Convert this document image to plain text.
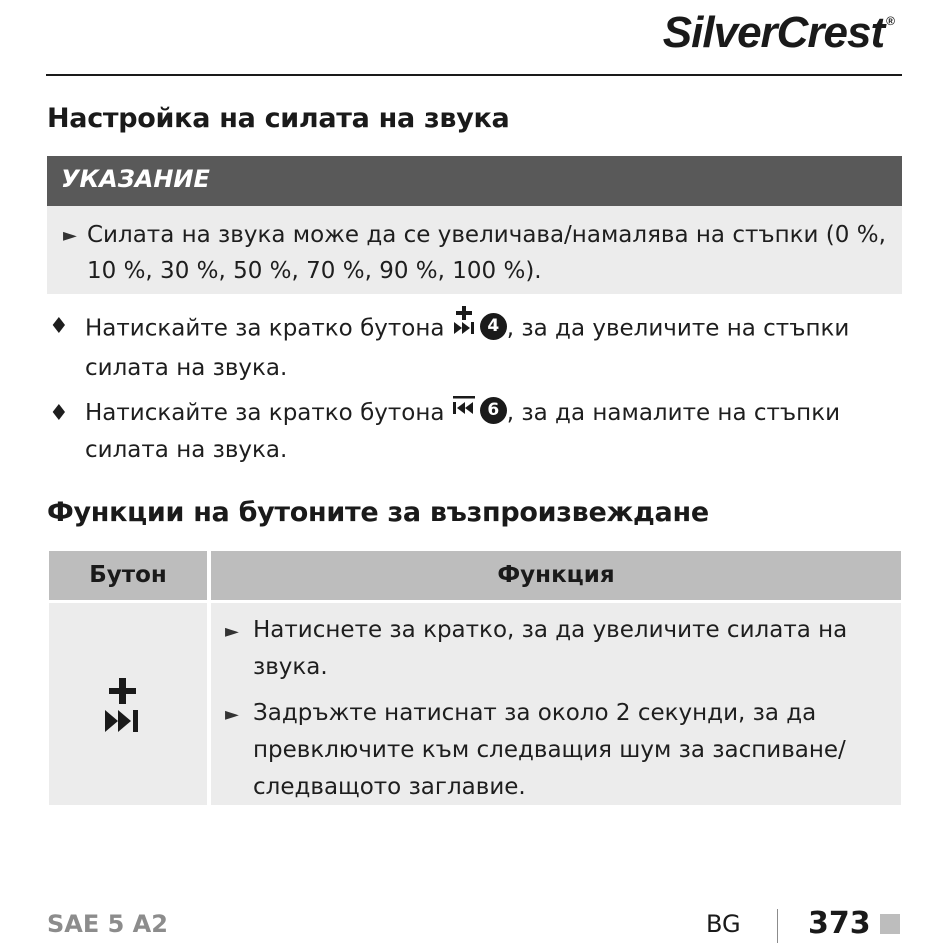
SilverCrest ®
Настройка на силата на звука
УКАЗАНИЕ
► Силата на звука може да се увеличава/намалява на стъпки (0 %, 10 %, 30 %, 50 %, 70 %, 90 %, 100 %).
♦ Натискайте за кратко бутона	4 , за да увеличите на стъпки силата на звука.
♦ Натискайте за кратко бутона	6 , за да намалите на стъпки силата на звука.
Функции на бутоните за възпроизвеждане
Бутон	Функция
► Натиснете за кратко, за да увеличите силата на звука.
► Задръжте натиснат за около 2 секунди, за да превключите към следващия шум за заспиване/следващото заглавие.
SAE 5 A2	BG 373
